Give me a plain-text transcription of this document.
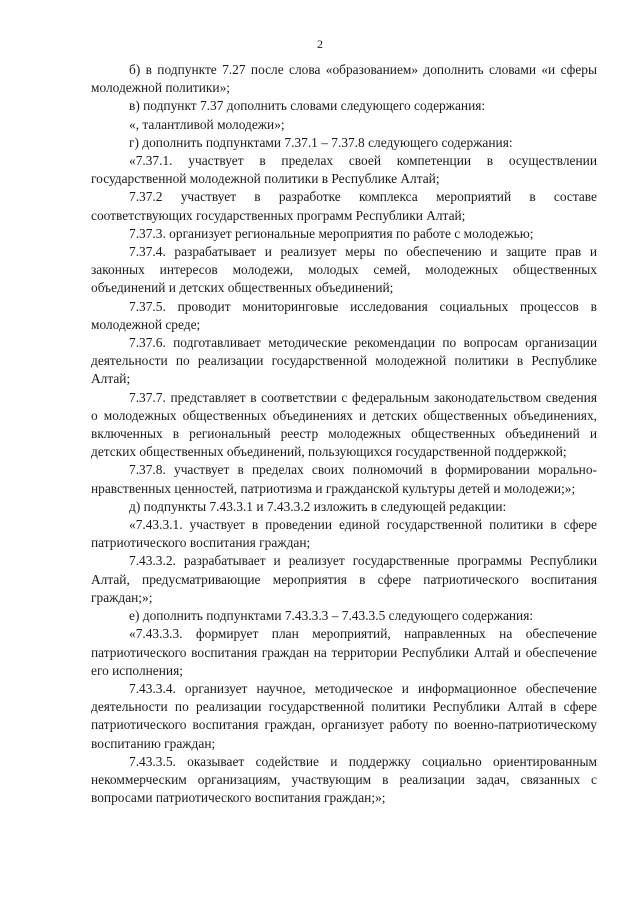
2

б) в подпункте 7.27 после слова «образованием» дополнить словами «и сферы молодежной политики»;

в) подпункт 7.37 дополнить словами следующего содержания:

«, талантливой молодежи»;

г) дополнить подпунктами 7.37.1 – 7.37.8 следующего содержания:

«7.37.1. участвует в пределах своей компетенции в осуществлении государственной молодежной политики в Республике Алтай;

7.37.2 участвует в разработке комплекса мероприятий в составе соответствующих государственных программ Республики Алтай;

7.37.3. организует региональные мероприятия по работе с молодежью;

7.37.4. разрабатывает и реализует меры по обеспечению и защите прав и законных интересов молодежи, молодых семей, молодежных общественных объединений и детских общественных объединений;

7.37.5. проводит мониторинговые исследования социальных процессов в молодежной среде;

7.37.6. подготавливает методические рекомендации по вопросам организации деятельности по реализации государственной молодежной политики в Республике Алтай;

7.37.7. представляет в соответствии с федеральным законодательством сведения о молодежных общественных объединениях и детских общественных объединениях, включенных в региональный реестр молодежных общественных объединений и детских общественных объединений, пользующихся государственной поддержкой;

7.37.8. участвует в пределах своих полномочий в формировании морально-нравственных ценностей, патриотизма и гражданской культуры детей и молодежи;»;

д) подпункты 7.43.3.1 и 7.43.3.2 изложить в следующей редакции:

«7.43.3.1. участвует в проведении единой государственной политики в сфере патриотического воспитания граждан;

7.43.3.2. разрабатывает и реализует государственные программы Республики Алтай, предусматривающие мероприятия в сфере патриотического воспитания граждан;»;

е) дополнить подпунктами 7.43.3.3 – 7.43.3.5 следующего содержания:

«7.43.3.3. формирует план мероприятий, направленных на обеспечение патриотического воспитания граждан на территории Республики Алтай и обеспечение его исполнения;

7.43.3.4. организует научное, методическое и информационное обеспечение деятельности по реализации государственной политики Республики Алтай в сфере патриотического воспитания граждан, организует работу по военно-патриотическому воспитанию граждан;

7.43.3.5. оказывает содействие и поддержку социально ориентированным некоммерческим организациям, участвующим в реализации задач, связанных с вопросами патриотического воспитания граждан;»;
